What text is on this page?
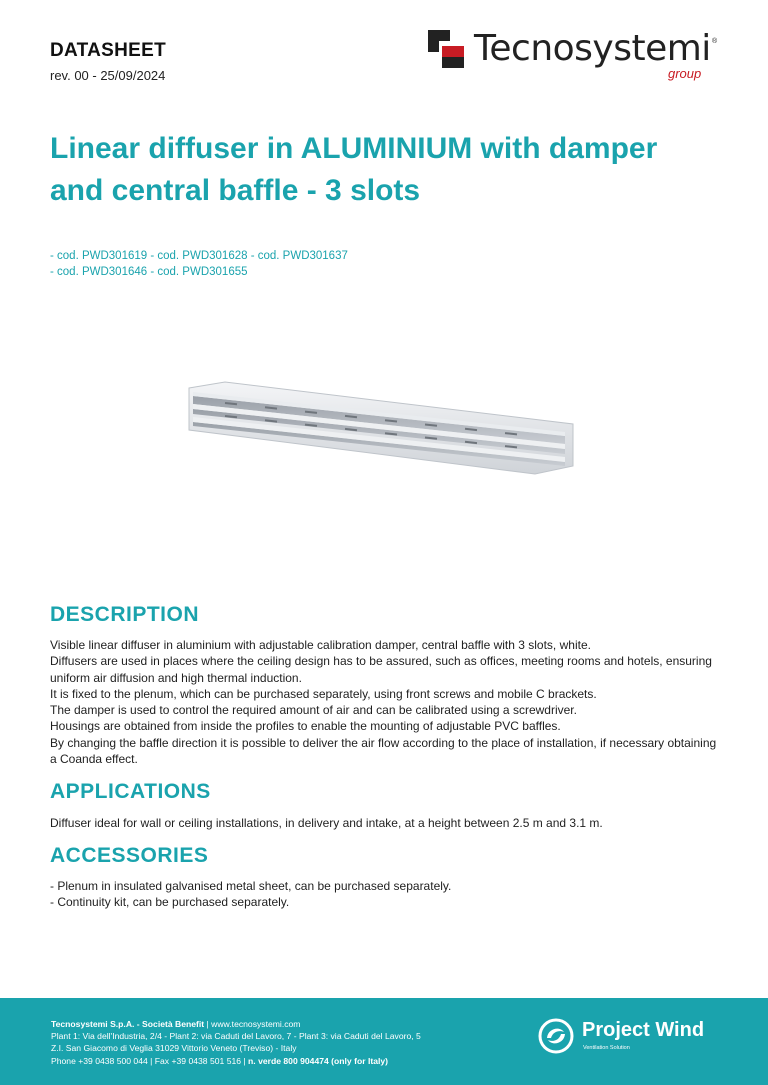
DATASHEET
rev. 00 - 25/09/2024
Tecnosystemi ®
group
Linear diffuser in ALUMINIUM with damper and central baffle - 3 slots
- cod. PWD301619 - cod. PWD301628 - cod. PWD301637
- cod. PWD301646 - cod. PWD301655
DESCRIPTION

Visible linear diffuser in aluminium with adjustable calibration damper, central baffle with 3 slots, white.

Diffusers are used in places where the ceiling design has to be assured, such as offices, meeting rooms and hotels, ensuring uniform air diffusion and high thermal induction.

It is fixed to the plenum, which can be purchased separately, using front screws and mobile C brackets.

The damper is used to control the required amount of air and can be calibrated using a screwdriver.

Housings are obtained from inside the profiles to enable the mounting of adjustable PVC baffles.

By changing the baffle direction it is possible to deliver the air flow according to the place of installation, if necessary obtaining a Coanda effect.

APPLICATIONS

Diffuser ideal for wall or ceiling installations, in delivery and intake, at a height between 2.5 m and 3.1 m.

ACCESSORIES

- Plenum in insulated galvanised metal sheet, can be purchased separately.

- Continuity kit, can be purchased separately.

Tecnosystemi S.p.A. - Società Benefit | www.tecnosystemi.com
Plant 1: Via dell'Industria, 2/4 - Plant 2: via Caduti del Lavoro, 7 - Plant 3: via Caduti del Lavoro, 5
Z.I. San Giacomo di Veglia 31029 Vittorio Veneto (Treviso) - Italy
Phone +39 0438 500 044 | Fax +39 0438 501 516 | n. verde 800 904474 (only for Italy)
Project Wind
Ventilation Solution
